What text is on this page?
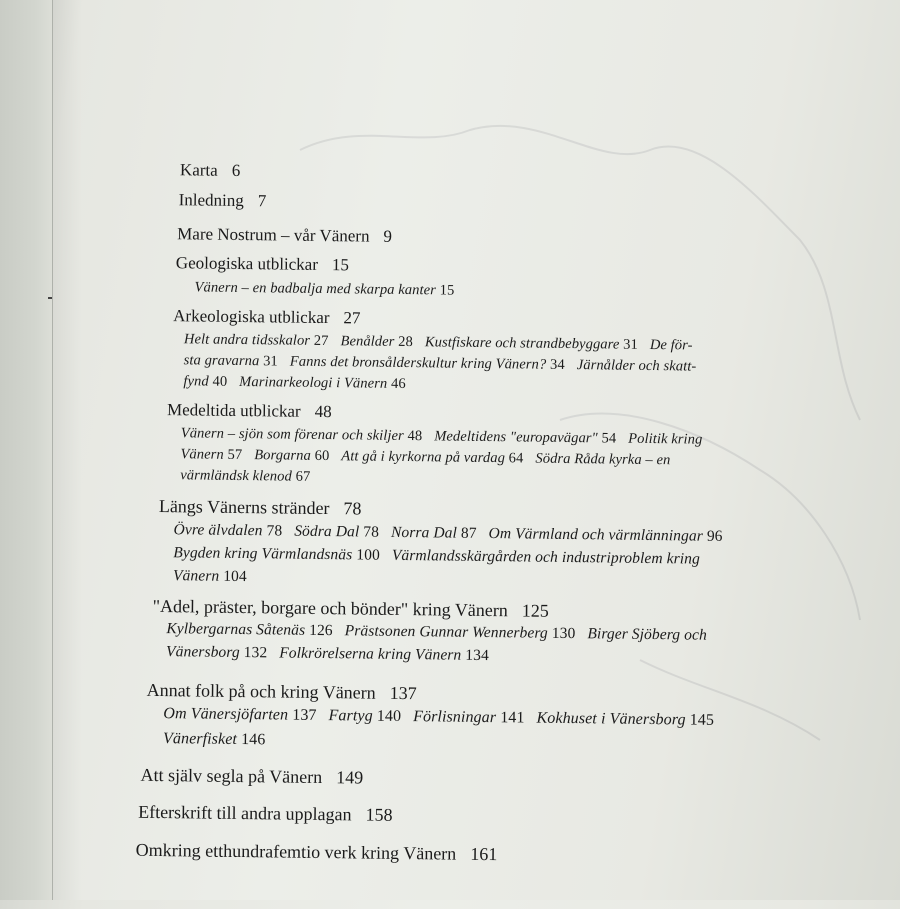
Karta 6
Inledning 7
Mare Nostrum – vår Vänern 9
Geologiska utblickar 15
Vänern – en badbalja med skarpa kanter 15
Arkeologiska utblickar 27
Helt andra tidsskalor 27 Benålder 28 Kustfiskare och strandbebyggare 31 De för-
sta gravarna 31 Fanns det bronsålderskultur kring Vänern? 34 Järnålder och skatt-
fynd 40 Marinarkeologi i Vänern 46
Medeltida utblickar 48
Vänern – sjön som förenar och skiljer 48 Medeltidens "europavägar" 54 Politik kring
Vänern 57 Borgarna 60 Att gå i kyrkorna på vardag 64 Södra Råda kyrka – en
värmländsk klenod 67
Längs Vänerns stränder 78
Övre älvdalen 78 Södra Dal 78 Norra Dal 87 Om Värmland och värmlänningar 96
Bygden kring Värmlandsnäs 100 Värmlandsskärgården och industriproblem kring
Vänern 104
"Adel, präster, borgare och bönder" kring Vänern 125
Kylbergarnas Såtenäs 126 Prästsonen Gunnar Wennerberg 130 Birger Sjöberg och
Vänersborg 132 Folkrörelserna kring Vänern 134
Annat folk på och kring Vänern 137
Om Vänersjöfarten 137 Fartyg 140 Förlisningar 141 Kokhuset i Vänersborg 145
Vänerfisket 146
Att själv segla på Vänern 149
Efterskrift till andra upplagan 158
Omkring etthundrafemtio verk kring Vänern 161
